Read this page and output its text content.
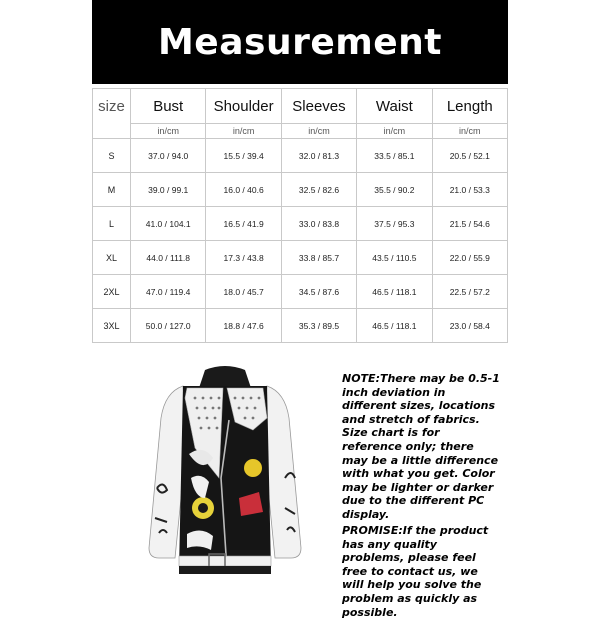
Measurement
size	Bust	Shoulder	Sleeves	Waist	Length
	in/cm	in/cm	in/cm	in/cm	in/cm
S	37.0 / 94.0	15.5 / 39.4	32.0 / 81.3	33.5 / 85.1	20.5 / 52.1
M	39.0 / 99.1	16.0 / 40.6	32.5 / 82.6	35.5 / 90.2	21.0 / 53.3
L	41.0 / 104.1	16.5 / 41.9	33.0 / 83.8	37.5 / 95.3	21.5 / 54.6
XL	44.0 / 111.8	17.3 / 43.8	33.8 / 85.7	43.5 / 110.5	22.0 / 55.9
2XL	47.0 / 119.4	18.0 / 45.7	34.5 / 87.6	46.5 / 118.1	22.5 / 57.2
3XL	50.0 / 127.0	18.8 / 47.6	35.3 / 89.5	46.5 / 118.1	23.0 / 58.4
NOTE:There may be 0.5-1 inch deviation in different sizes, locations and stretch of fabrics. Size chart is for reference only; there may be a little difference with what you get. Color may be lighter or darker due to the different PC display.
PROMISE:If the product has any quality problems, please feel free to contact us, we will help you solve the problem as quickly as possible.
